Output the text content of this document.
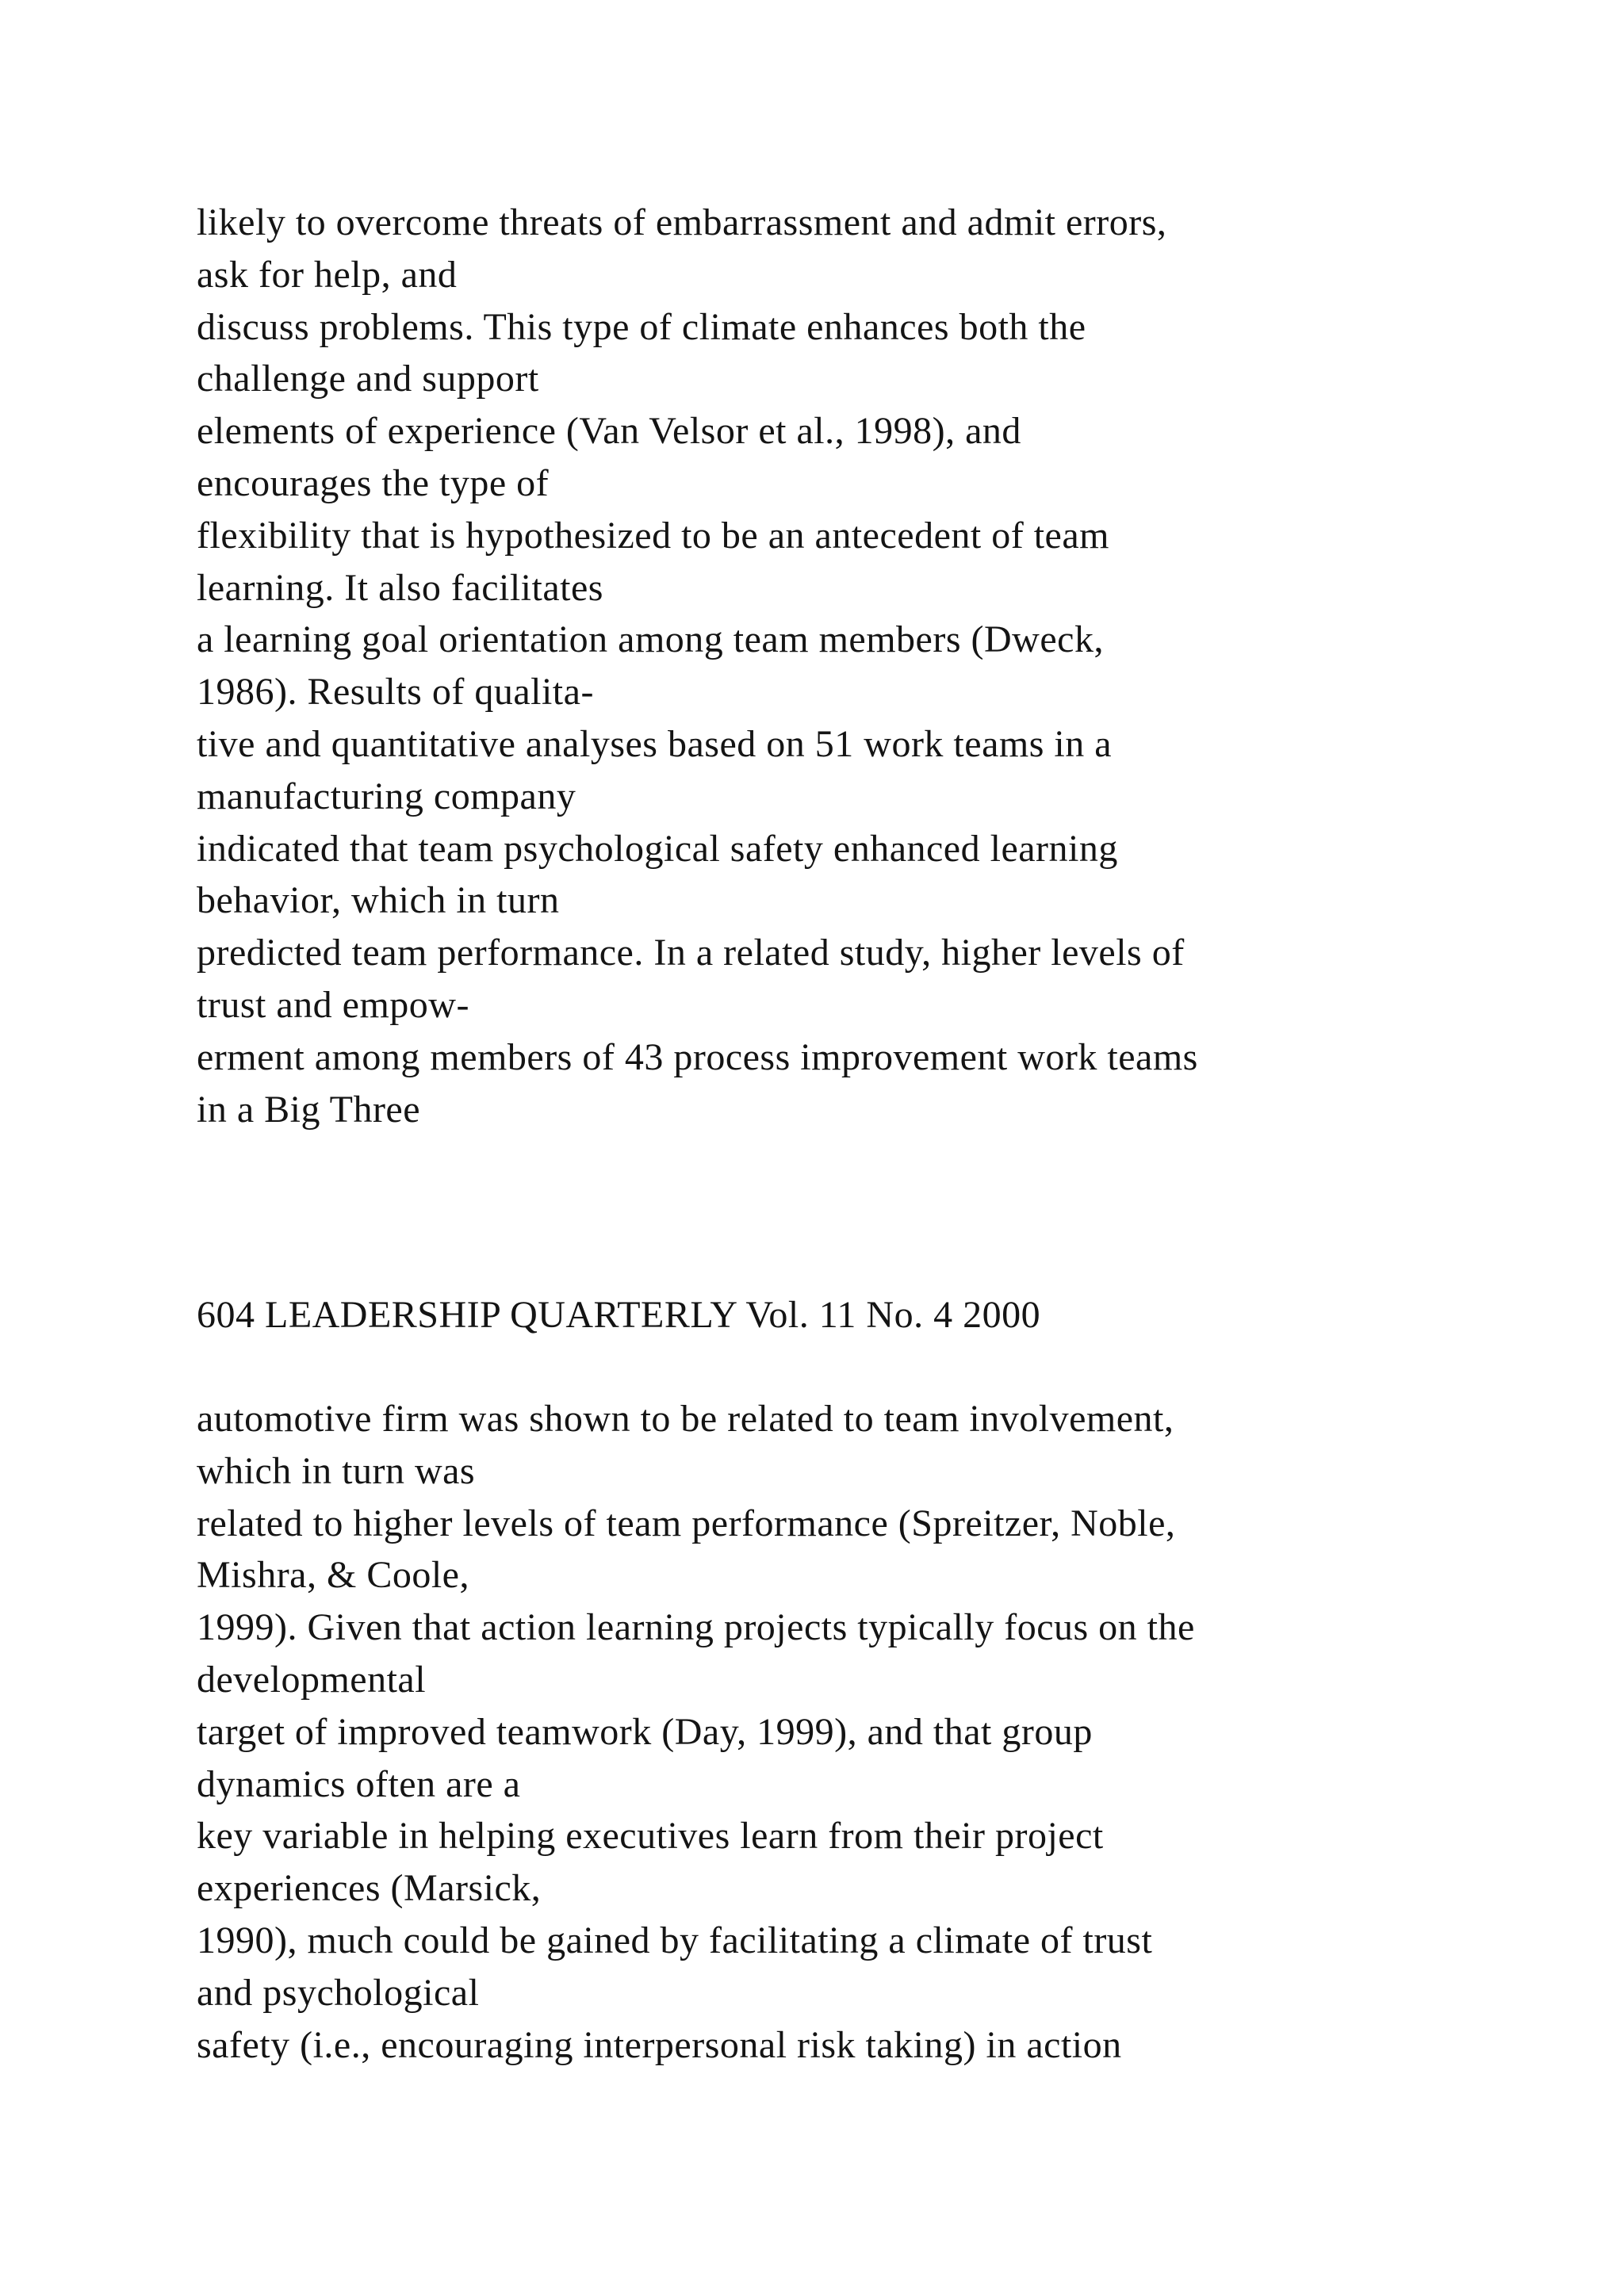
likely to overcome threats of embarrassment and admit errors,
ask for help, and
discuss problems. This type of climate enhances both the
challenge and support
elements of experience (Van Velsor et al., 1998), and
encourages the type of
flexibility that is hypothesized to be an antecedent of team
learning. It also facilitates
a learning goal orientation among team members (Dweck,
1986). Results of qualita-
tive and quantitative analyses based on 51 work teams in a
manufacturing company
indicated that team psychological safety enhanced learning
behavior, which in turn
predicted team performance. In a related study, higher levels of
trust and empow-
erment among members of 43 process improvement work teams
in a Big Three
604 LEADERSHIP QUARTERLY Vol. 11 No. 4 2000
automotive firm was shown to be related to team involvement,
which in turn was
related to higher levels of team performance (Spreitzer, Noble,
Mishra, & Coole,
1999). Given that action learning projects typically focus on the
developmental
target of improved teamwork (Day, 1999), and that group
dynamics often are a
key variable in helping executives learn from their project
experiences (Marsick,
1990), much could be gained by facilitating a climate of trust
and psychological
safety (i.e., encouraging interpersonal risk taking) in action
